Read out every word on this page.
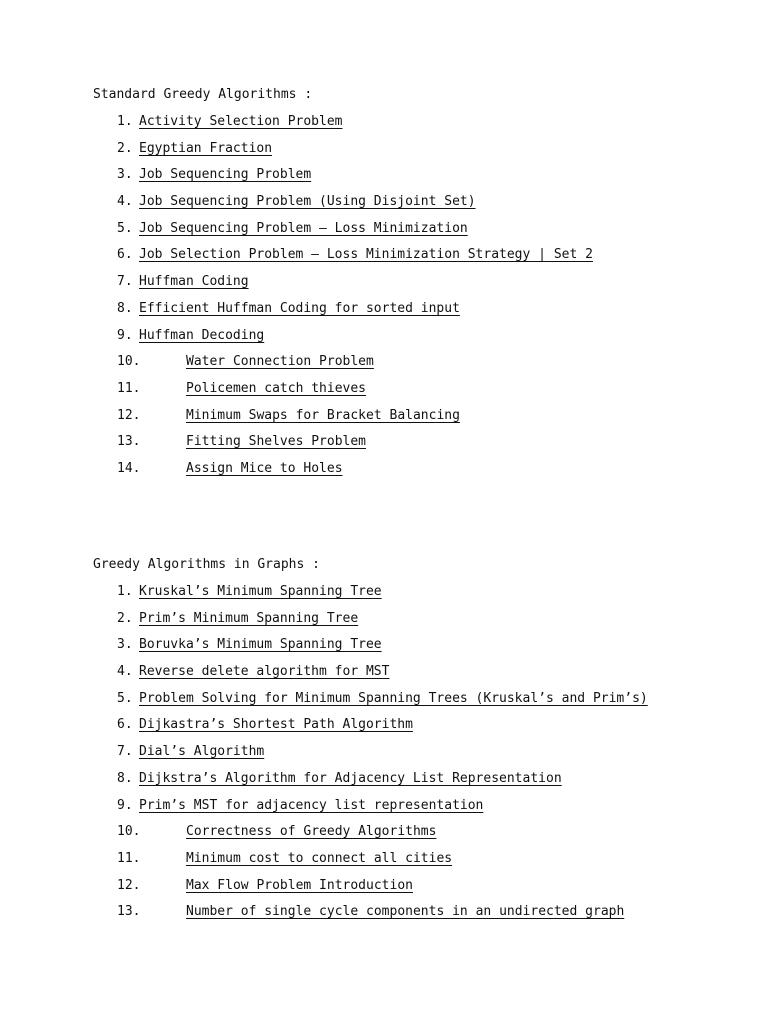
Standard Greedy Algorithms :
1. Activity Selection Problem
2. Egyptian Fraction
3. Job Sequencing Problem
4. Job Sequencing Problem (Using Disjoint Set)
5. Job Sequencing Problem – Loss Minimization
6. Job Selection Problem – Loss Minimization Strategy | Set 2
7. Huffman Coding
8. Efficient Huffman Coding for sorted input
9. Huffman Decoding
10.	Water Connection Problem
11.	Policemen catch thieves
12.	Minimum Swaps for Bracket Balancing
13.	Fitting Shelves Problem
14.	Assign Mice to Holes
Greedy Algorithms in Graphs :
1. Kruskal’s Minimum Spanning Tree
2. Prim’s Minimum Spanning Tree
3. Boruvka’s Minimum Spanning Tree
4. Reverse delete algorithm for MST
5. Problem Solving for Minimum Spanning Trees (Kruskal’s and Prim’s)
6. Dijkastra’s Shortest Path Algorithm
7. Dial’s Algorithm
8. Dijkstra’s Algorithm for Adjacency List Representation
9. Prim’s MST for adjacency list representation
10.	Correctness of Greedy Algorithms
11.	Minimum cost to connect all cities
12.	Max Flow Problem Introduction
13.	Number of single cycle components in an undirected graph
